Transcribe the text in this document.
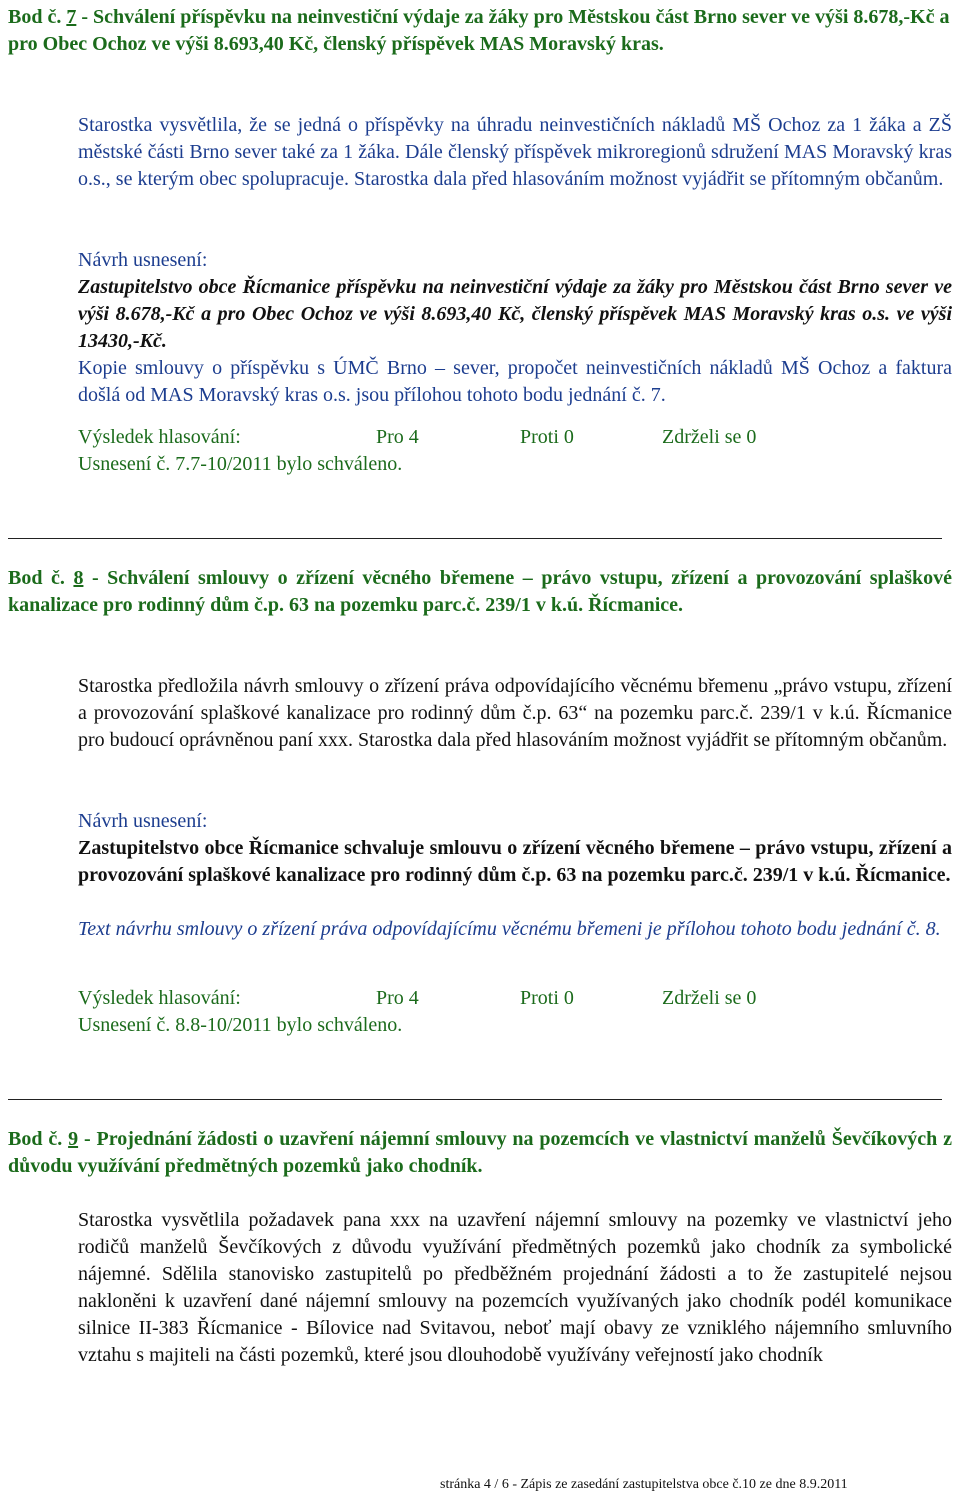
Bod č. 7 - Schválení příspěvku na neinvestiční výdaje za žáky pro Městskou část Brno sever ve výši 8.678,-Kč a pro Obec Ochoz ve výši 8.693,40 Kč, členský příspěvek MAS Moravský kras.

Starostka vysvětlila, že se jedná o příspěvky na úhradu neinvestičních nákladů MŠ Ochoz za 1 žáka a ZŠ městské části Brno sever také za 1 žáka. Dále členský příspěvek mikroregionů sdružení MAS Moravský kras o.s., se kterým obec spolupracuje. Starostka dala před hlasováním možnost vyjádřit se přítomným občanům.

Návrh usnesení:

Zastupitelstvo obce Řícmanice příspěvku na neinvestiční výdaje za žáky pro Městskou část Brno sever ve výši 8.678,-Kč a pro Obec Ochoz ve výši 8.693,40 Kč, členský příspěvek MAS Moravský kras o.s. ve výši 13430,-Kč.

Kopie smlouvy o příspěvku s ÚMČ Brno – sever, propočet neinvestičních nákladů MŠ Ochoz a faktura došlá od MAS Moravský kras o.s. jsou přílohou tohoto bodu jednání č. 7.

Výsledek hlasování:	Pro 4	Proti 0	Zdrželi se 0

Usnesení č. 7.7-10/2011 bylo schváleno.

Bod č. 8 - Schválení smlouvy o zřízení věcného břemene – právo vstupu, zřízení a provozování splaškové kanalizace pro rodinný dům č.p. 63 na pozemku parc.č. 239/1 v k.ú. Řícmanice.

Starostka předložila návrh smlouvy o zřízení práva odpovídajícího věcnému břemenu „právo vstupu, zřízení a provozování splaškové kanalizace pro rodinný dům č.p. 63“ na pozemku parc.č. 239/1 v k.ú. Řícmanice pro budoucí oprávněnou paní xxx. Starostka dala před hlasováním možnost vyjádřit se přítomným občanům.

Návrh usnesení:

Zastupitelstvo obce Řícmanice schvaluje smlouvu o zřízení věcného břemene – právo vstupu, zřízení a provozování splaškové kanalizace pro rodinný dům č.p. 63 na pozemku parc.č. 239/1 v k.ú. Řícmanice.

Text návrhu smlouvy o zřízení práva odpovídajícímu věcnému břemeni je přílohou tohoto bodu jednání č. 8.

Výsledek hlasování:	Pro 4	Proti 0	Zdrželi se 0

Usnesení č. 8.8-10/2011 bylo schváleno.

Bod č. 9 - Projednání žádosti o uzavření nájemní smlouvy na pozemcích ve vlastnictví manželů Ševčíkových z důvodu využívání předmětných pozemků jako chodník.

Starostka vysvětlila požadavek pana xxx na uzavření nájemní smlouvy na pozemky ve vlastnictví jeho rodičů manželů Ševčíkových z důvodu využívání předmětných pozemků jako chodník za symbolické nájemné. Sdělila stanovisko zastupitelů po předběžném projednání žádosti a to že zastupitelé nejsou nakloněni k uzavření dané nájemní smlouvy na pozemcích využívaných jako chodník podél komunikace silnice II-383 Řícmanice - Bílovice nad Svitavou, neboť mají obavy ze vzniklého nájemního smluvního vztahu s majiteli na části pozemků, které jsou dlouhodobě využívány veřejností jako chodník

stránka 4 / 6 - Zápis ze zasedání zastupitelstva obce č.10 ze dne 8.9.2011
